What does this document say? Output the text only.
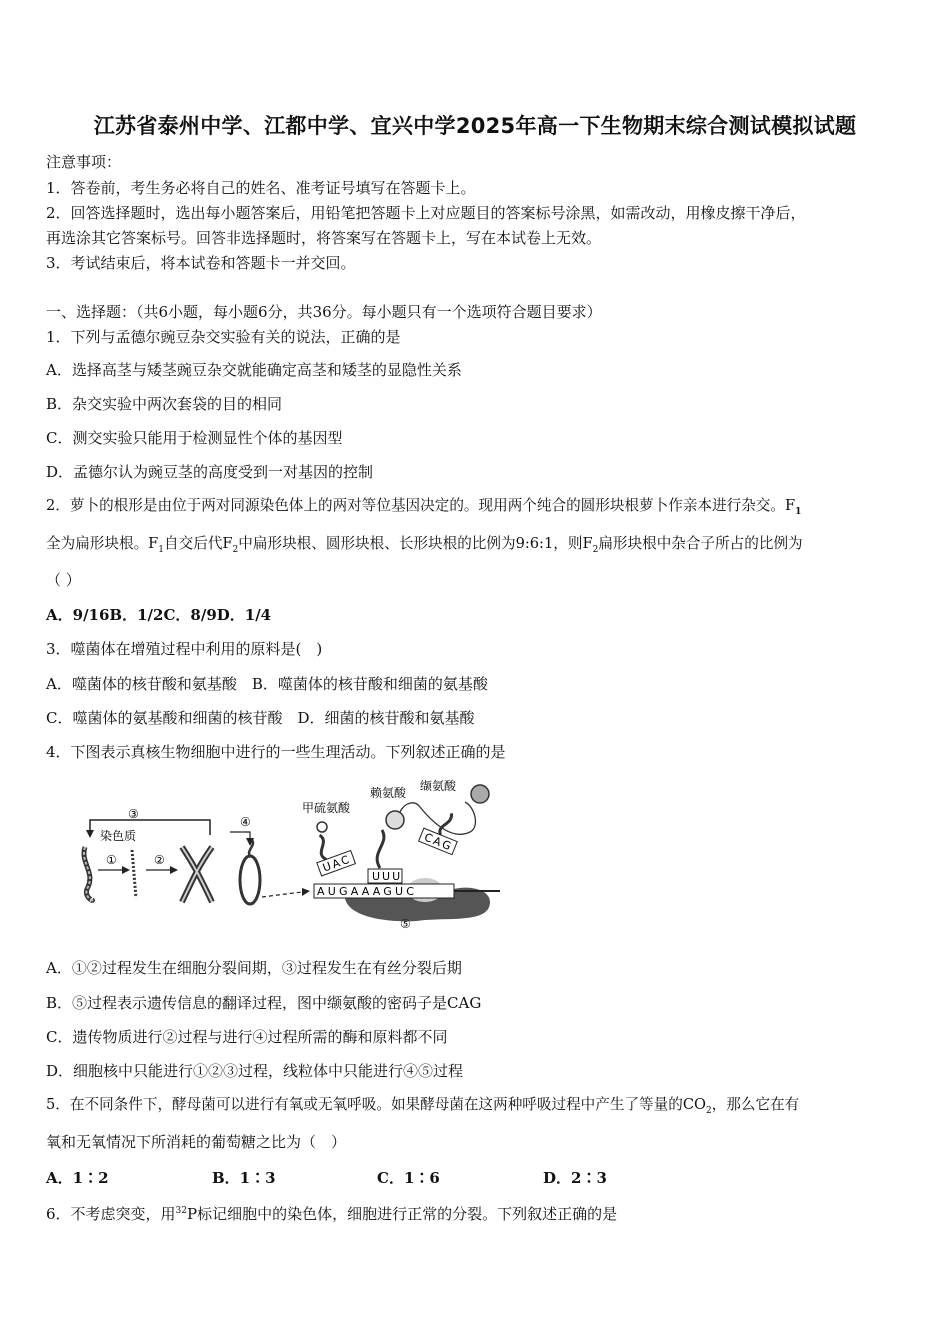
江苏省泰州中学、江都中学、宜兴中学2025年高一下生物期末综合测试模拟试题
注意事项：
1．答卷前，考生务必将自己的姓名、准考证号填写在答题卡上。
2．回答选择题时，选出每小题答案后，用铅笔把答题卡上对应题目的答案标号涂黑，如需改动，用橡皮擦干净后，
再选涂其它答案标号。回答非选择题时，将答案写在答题卡上，写在本试卷上无效。
3．考试结束后，将本试卷和答题卡一并交回。
一、选择题：（共6小题，每小题6分，共36分。每小题只有一个选项符合题目要求）
1．下列与孟德尔豌豆杂交实验有关的说法，正确的是
A．选择高茎与矮茎豌豆杂交就能确定高茎和矮茎的显隐性关系
B．杂交实验中两次套袋的目的相同
C．测交实验只能用于检测显性个体的基因型
D．孟德尔认为豌豆茎的高度受到一对基因的控制
2．萝卜的根形是由位于两对同源染色体上的两对等位基因决定的。现用两个纯合的圆形块根萝卜作亲本进行杂交。$F_1$
全为扁形块根。$F_1$自交后代$F_2$中扁形块根、圆形块根、长形块根的比例为9:6:1，则$F_2$扁形块根中杂合子所占的比例为
（ ）
A．9/16B．1/2C．8/9D．1/4
3．噬菌体在增殖过程中利用的原料是(　)
A．噬菌体的核苷酸和氨基酸　B．噬菌体的核苷酸和细菌的氨基酸
C．噬菌体的氨基酸和细菌的核苷酸　D．细菌的核苷酸和氨基酸
4．下图表示真核生物细胞中进行的一些生理活动。下列叙述正确的是
③
染色质
①	②
④
⑤
AUGAAAGUC
UAC
甲硫氨酸
UUU
赖氨酸
CAG
缬氨酸
A．①②过程发生在细胞分裂间期，③过程发生在有丝分裂后期
B．⑤过程表示遗传信息的翻译过程，图中缬氨酸的密码子是CAG
C．遗传物质进行②过程与进行④过程所需的酶和原料都不同
D．细胞核中只能进行①②③过程，线粒体中只能进行④⑤过程
5．在不同条件下，酵母菌可以进行有氧或无氧呼吸。如果酵母菌在这两种呼吸过程中产生了等量的$CO_2$，那么它在有
氧和无氧情况下所消耗的葡萄糖之比为（　）
A．1∶2	B．1∶3	C．1∶6	D．2∶3
6．不考虑突变，用$^{32}$P标记细胞中的染色体，细胞进行正常的分裂。下列叙述正确的是
